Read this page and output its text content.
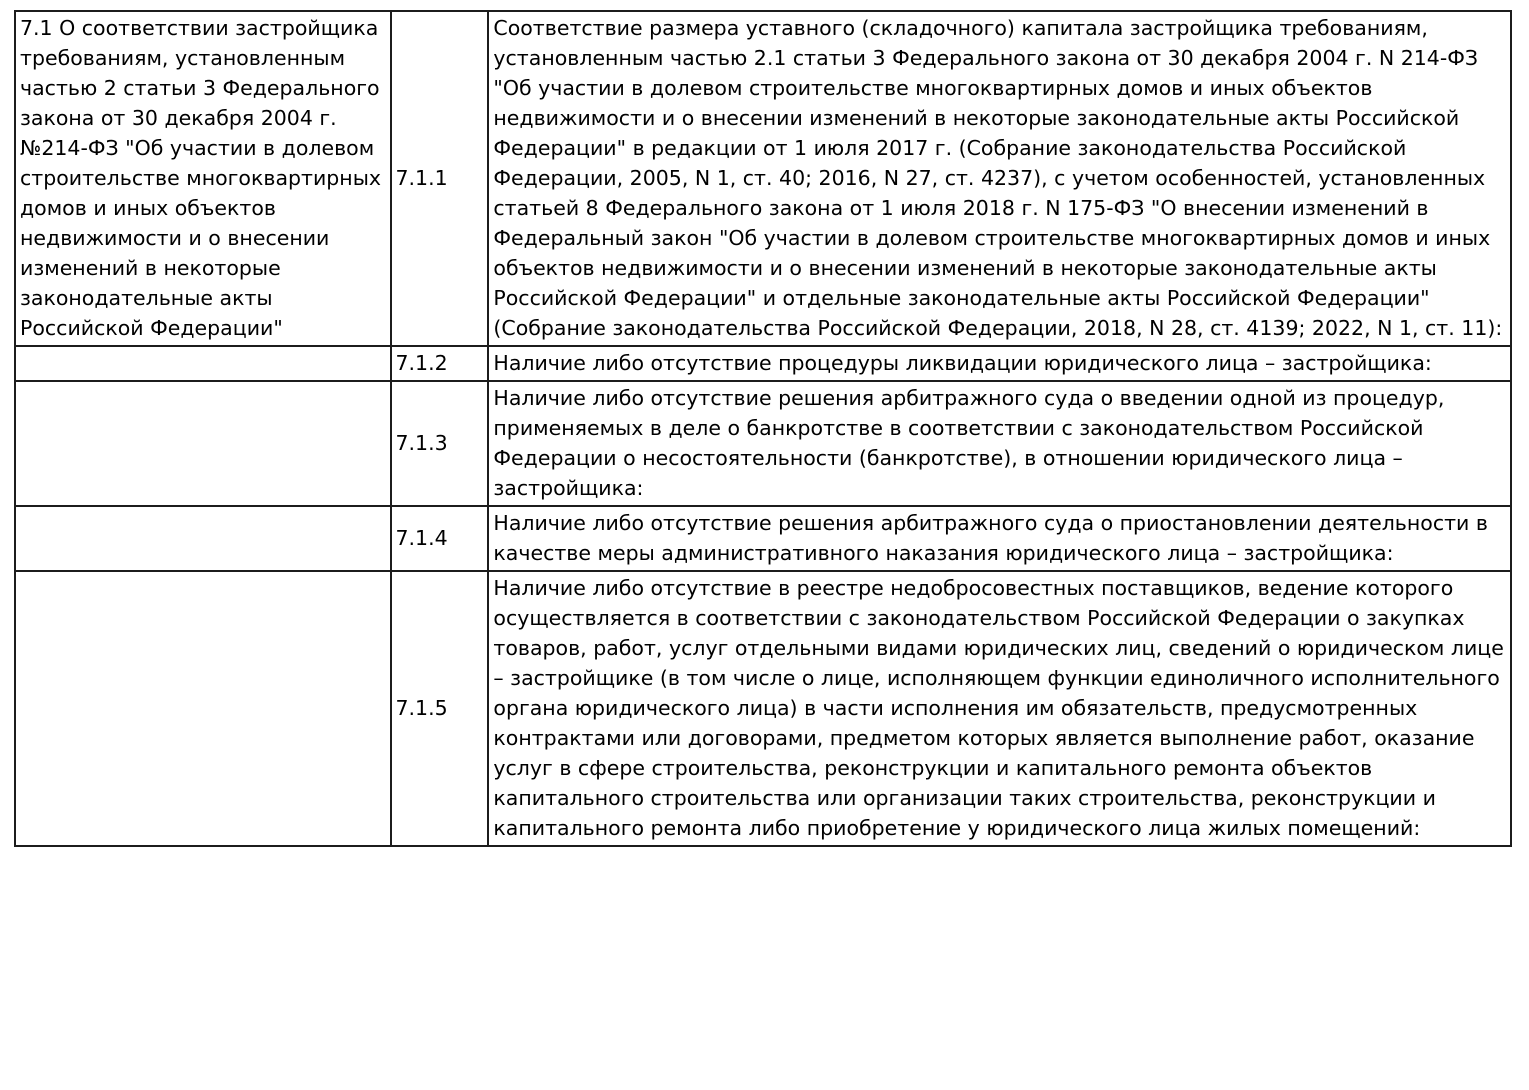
7.1 О соответствии застройщика требованиям, установленным частью 2 статьи 3 Федерального закона от 30 декабря 2004 г. №214-ФЗ "Об участии в долевом строительстве многоквартирных домов и иных объектов недвижимости и о внесении изменений в некоторые законодательные акты Российской Федерации"	7.1.1	Соответствие размера уставного (складочного) капитала застройщика требованиям, установленным частью 2.1 статьи 3 Федерального закона от 30 декабря 2004 г. N 214-ФЗ "Об участии в долевом строительстве многоквартирных домов и иных объектов недвижимости и о внесении изменений в некоторые законодательные акты Российской Федерации" в редакции от 1 июля 2017 г. (Собрание законодательства Российской Федерации, 2005, N 1, ст. 40; 2016, N 27, ст. 4237), с учетом особенностей, установленных статьей 8 Федерального закона от 1 июля 2018 г. N 175-ФЗ "О внесении изменений в Федеральный закон "Об участии в долевом строительстве многоквартирных домов и иных объектов недвижимости и о внесении изменений в некоторые законодательные акты Российской Федерации" и отдельные законодательные акты Российской Федерации" (Собрание законодательства Российской Федерации, 2018, N 28, ст. 4139; 2022, N 1, ст. 11):
	7.1.2	Наличие либо отсутствие процедуры ликвидации юридического лица – застройщика:
	7.1.3	Наличие либо отсутствие решения арбитражного суда о введении одной из процедур, применяемых в деле о банкротстве в соответствии с законодательством Российской Федерации о несостоятельности (банкротстве), в отношении юридического лица – застройщика:
	7.1.4	Наличие либо отсутствие решения арбитражного суда о приостановлении деятельности в качестве меры административного наказания юридического лица – застройщика:
	7.1.5	Наличие либо отсутствие в реестре недобросовестных поставщиков, ведение которого осуществляется в соответствии с законодательством Российской Федерации о закупках товаров, работ, услуг отдельными видами юридических лиц, сведений о юридическом лице – застройщике (в том числе о лице, исполняющем функции единоличного исполнительного органа юридического лица) в части исполнения им обязательств, предусмотренных контрактами или договорами, предметом которых является выполнение работ, оказание услуг в сфере строительства, реконструкции и капитального ремонта объектов капитального строительства или организации таких строительства, реконструкции и капитального ремонта либо приобретение у юридического лица жилых помещений:
